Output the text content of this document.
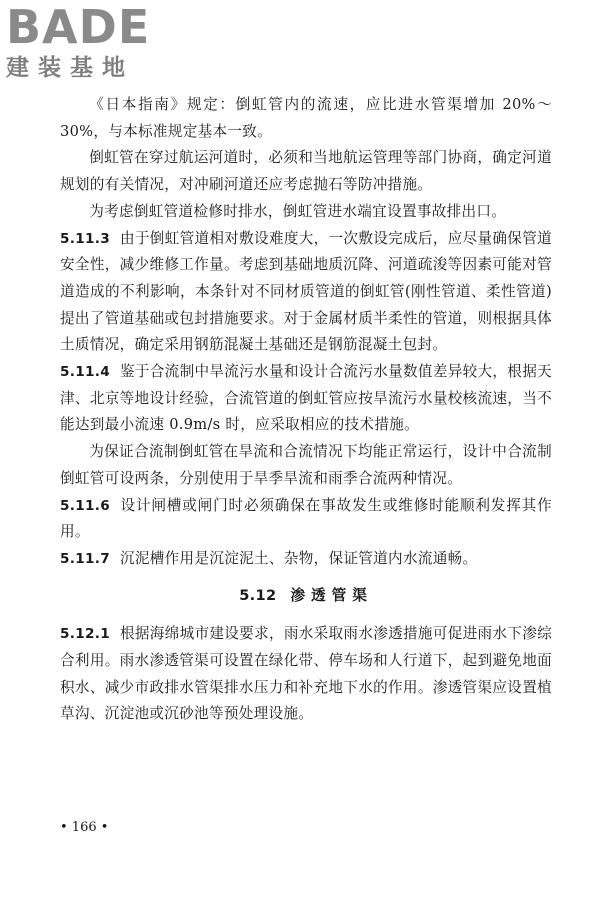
BADE
建装基地

《日本指南》规定：倒虹管内的流速，应比进水管渠增加 20%～30%，与本标准规定基本一致。

倒虹管在穿过航运河道时，必须和当地航运管理等部门协商，确定河道规划的有关情况，对冲刷河道还应考虑抛石等防冲措施。

为考虑倒虹管道检修时排水，倒虹管进水端宜设置事故排出口。

5.11.3 由于倒虹管道相对敷设难度大，一次敷设完成后，应尽量确保管道安全性，减少维修工作量。考虑到基础地质沉降、河道疏浚等因素可能对管道造成的不利影响，本条针对不同材质管道的倒虹管(刚性管道、柔性管道)提出了管道基础或包封措施要求。对于金属材质半柔性的管道，则根据具体土质情况，确定采用钢筋混凝土基础还是钢筋混凝土包封。

5.11.4 鉴于合流制中旱流污水量和设计合流污水量数值差异较大，根据天津、北京等地设计经验，合流管道的倒虹管应按旱流污水量校核流速，当不能达到最小流速 0.9m/s 时，应采取相应的技术措施。

为保证合流制倒虹管在旱流和合流情况下均能正常运行，设计中合流制倒虹管可设两条，分别使用于旱季旱流和雨季合流两种情况。

5.11.6 设计闸槽或闸门时必须确保在事故发生或维修时能顺利发挥其作用。

5.11.7 沉泥槽作用是沉淀泥土、杂物，保证管道内水流通畅。

5.12 渗透管渠

5.12.1 根据海绵城市建设要求，雨水采取雨水渗透措施可促进雨水下渗综合利用。雨水渗透管渠可设置在绿化带、停车场和人行道下，起到避免地面积水、减少市政排水管渠排水压力和补充地下水的作用。渗透管渠应设置植草沟、沉淀池或沉砂池等预处理设施。

• 166 •
